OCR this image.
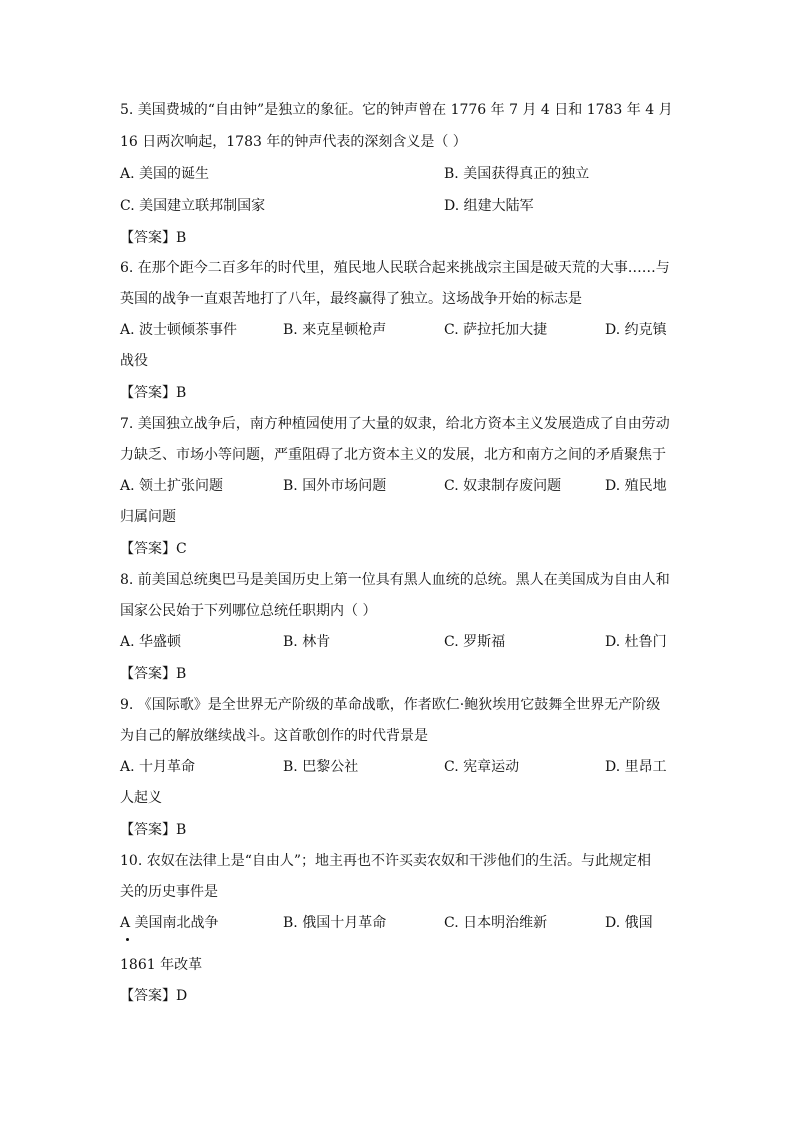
5. 美国费城的“自由钟”是独立的象征。它的钟声曾在 1776 年 7 月 4 日和 1783 年 4 月
16 日两次响起，1783 年的钟声代表的深刻含义是（ ）
A. 美国的诞生	B. 美国获得真正的独立
C. 美国建立联邦制国家	D. 组建大陆军
【答案】B
6. 在那个距今二百多年的时代里，殖民地人民联合起来挑战宗主国是破天荒的大事……与
英国的战争一直艰苦地打了八年，最终赢得了独立。这场战争开始的标志是
A. 波士顿倾茶事件	B. 来克星顿枪声	C. 萨拉托加大捷	D. 约克镇
战役
【答案】B
7. 美国独立战争后，南方种植园使用了大量的奴隶，给北方资本主义发展造成了自由劳动
力缺乏、市场小等问题，严重阻碍了北方资本主义的发展，北方和南方之间的矛盾聚焦于
A. 领土扩张问题	B. 国外市场问题	C. 奴隶制存废问题	D. 殖民地
归属问题
【答案】C
8. 前美国总统奥巴马是美国历史上第一位具有黑人血统的总统。黑人在美国成为自由人和
国家公民始于下列哪位总统任职期内（ ）
A. 华盛顿	B. 林肯	C. 罗斯福	D. 杜鲁门
【答案】B
9. 《国际歌》是全世界无产阶级的革命战歌，作者欧仁·鲍狄埃用它鼓舞全世界无产阶级
为自己的解放继续战斗。这首歌创作的时代背景是
A. 十月革命	B. 巴黎公社	C. 宪章运动	D. 里昂工
人起义
【答案】B
10. 农奴在法律上是“自由人”；地主再也不许买卖农奴和干涉他们的生活。与此规定相
关的历史事件是
A 美国南北战争	B. 俄国十月革命	C. 日本明治维新	D. 俄国
1861 年改革
【答案】D
